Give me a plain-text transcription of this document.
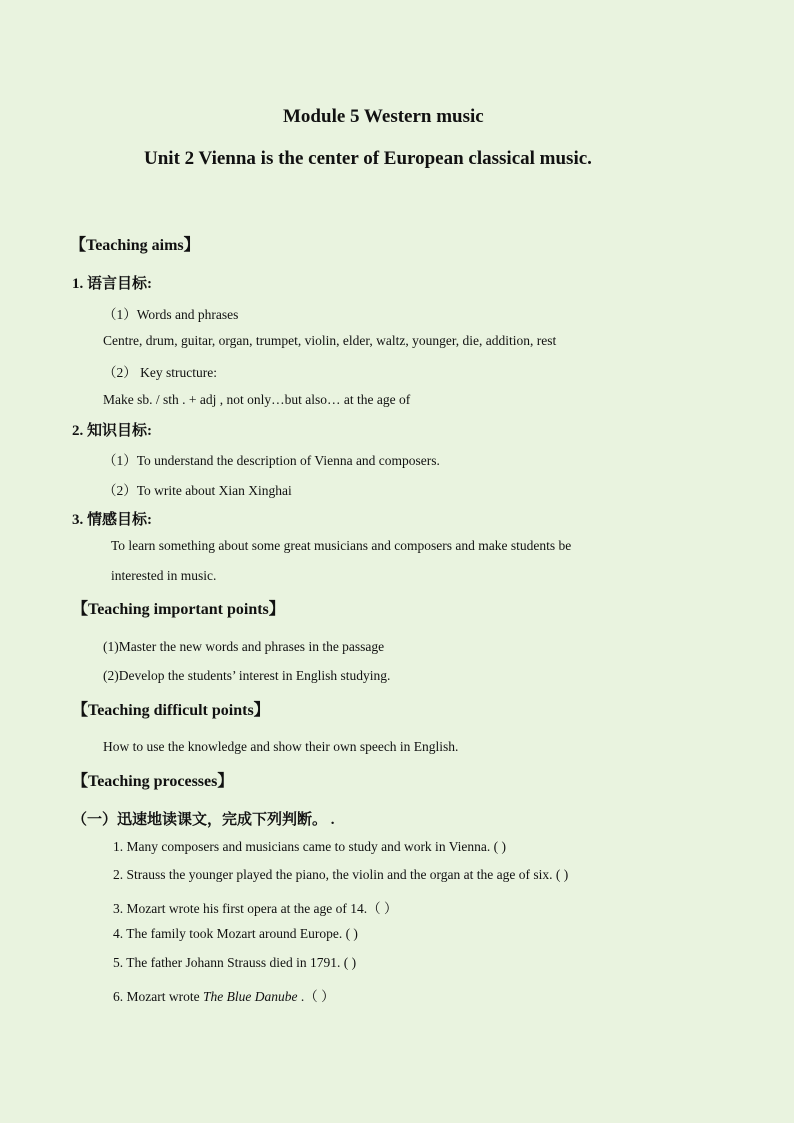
Module 5 Western music
Unit 2 Vienna is the center of European classical music.
【Teaching aims】
1. 语言目标:
（1）Words and phrases
Centre, drum, guitar, organ, trumpet, violin, elder, waltz, younger, die, addition, rest
（2） Key structure:
Make sb. / sth . + adj , not only…but also… at the age of
2. 知识目标:
（1）To understand the description of Vienna and composers.
（2）To write about Xian Xinghai
3. 情感目标:
To learn something about some great musicians and composers and make students be
interested in music.
【Teaching important points】
(1)Master the new words and phrases in the passage
(2)Develop the students’ interest in English studying.
【Teaching difficult points】
How to use the knowledge and show their own speech in English.
【Teaching processes】
（一）迅速地读课文，完成下列判断。 .
1. Many composers and musicians came to study and work in Vienna. ( )
2. Strauss the younger played the piano, the violin and the organ at the age of six. ( )
3. Mozart wrote his first opera at the age of 14.（ ）
4. The family took Mozart around Europe. ( )
5. The father Johann Strauss died in 1791. ( )
6. Mozart wrote The Blue Danube .（ ）
